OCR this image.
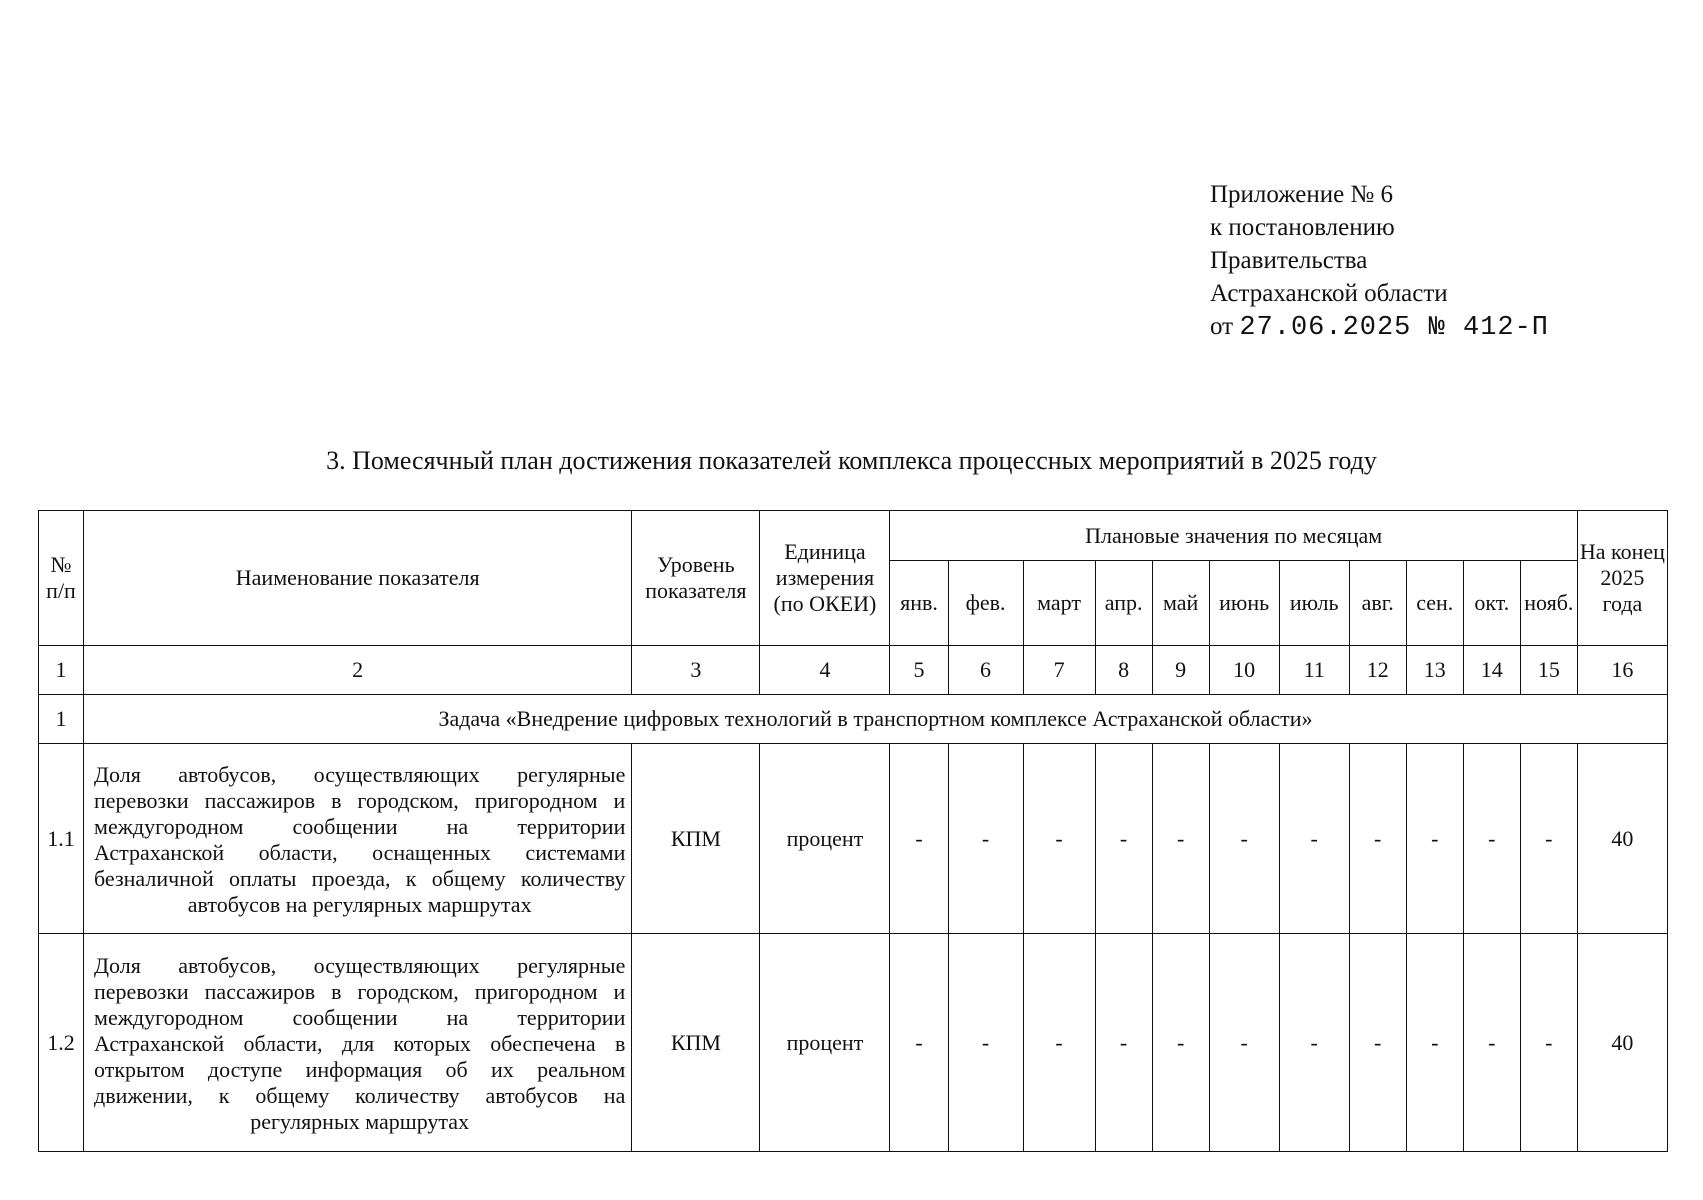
Приложение № 6
к постановлению
Правительства
Астраханской области
от 27.06.2025 № 412-П
3. Помесячный план достижения показателей комплекса процессных мероприятий в 2025 году
№ п/п	Наименование показателя	Уровень показателя	Единица измерения (по ОКЕИ)	Плановые значения по месяцам											На конец 2025 года
				янв.	фев.	март	апр.	май	июнь	июль	авг.	сен.	окт.	нояб.	
1	2	3	4	5	6	7	8	9	10	11	12	13	14	15	16
1	Задача «Внедрение цифровых технологий в транспортном комплексе Астраханской области»														
1.1	Доля автобусов, осуществляющих регулярные перевозки пассажиров в городском, пригородном и междугородном сообщении на территории Астраханской области, оснащенных системами безналичной оплаты проезда, к общему количеству автобусов на регулярных маршрутах	КПМ	процент	-	-	-	-	-	-	-	-	-	-	-	40
1.2	Доля автобусов, осуществляющих регулярные перевозки пассажиров в городском, пригородном и междугородном сообщении на территории Астраханской области, для которых обеспечена в открытом доступе информация об их реальном движении, к общему количеству автобусов на регулярных маршрутах	КПМ	процент	-	-	-	-	-	-	-	-	-	-	-	40
